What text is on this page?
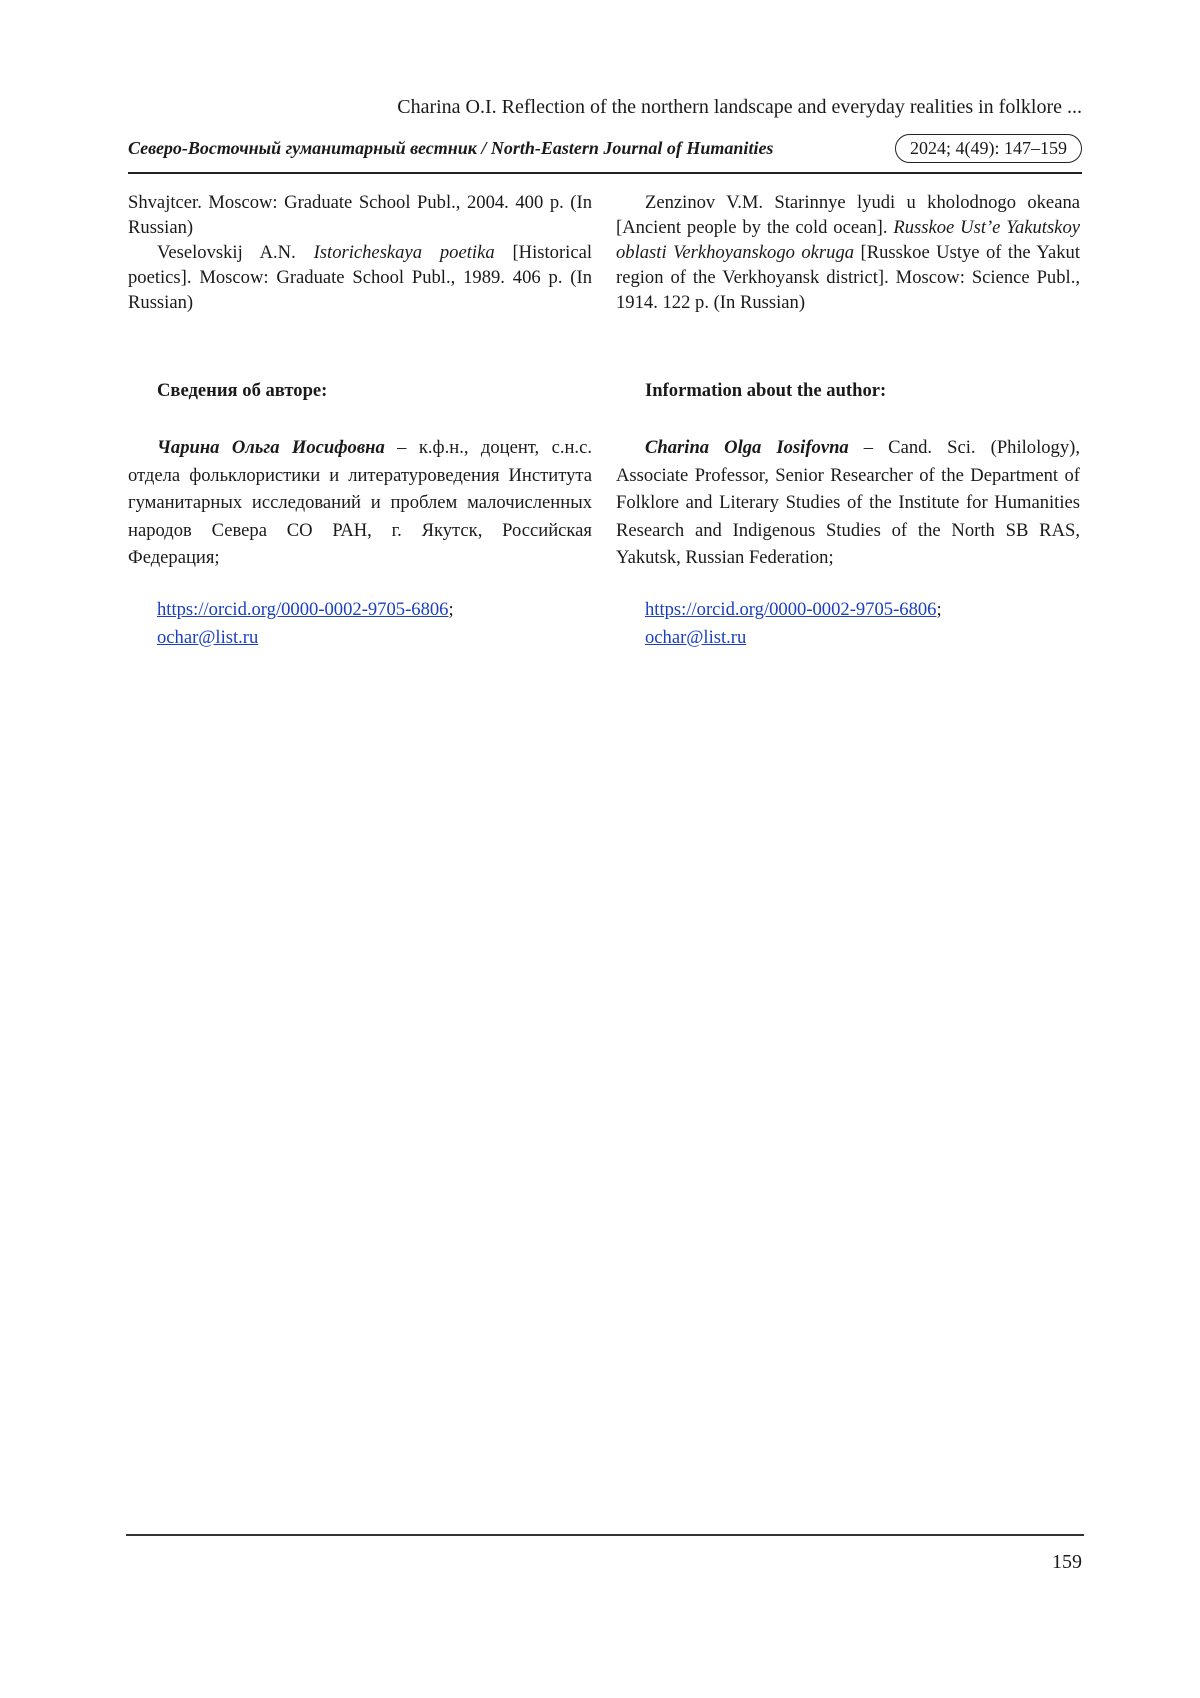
Charina O.I. Reflection of the northern landscape and everyday realities in folklore ...
Северо-Восточный гуманитарный вестник / North-Eastern Journal of Humanities	2024; 4(49): 147–159

Shvajtcer. Moscow: Graduate School Publ., 2004. 400 p. (In Russian)

Veselovskij A.N. Istoricheskaya poetika [Historical poetics]. Moscow: Graduate School Publ., 1989. 406 p. (In Russian)

Zenzinov V.M. Starinnye lyudi u kholodnogo okeana [Ancient people by the cold ocean]. Russkoe Ust’e Yakutskoy oblasti Verkhoyanskogo okruga [Russkoe Ustye of the Yakut region of the Verkhoyansk district]. Moscow: Science Publ., 1914. 122 p. (In Russian)

Сведения об авторе:	Information about the author:

Чарина Ольга Иосифовна – к.ф.н., доцент, с.н.с. отдела фольклористики и литературоведения Института гуманитарных исследований и проблем малочисленных народов Севера СО РАН, г. Якутск, Российская Федерация;

Charina Olga Iosifovna – Cand. Sci. (Philology), Associate Professor, Senior Researcher of the Department of Folklore and Literary Studies of the Institute for Humanities Research and Indigenous Studies of the North SB RAS, Yakutsk, Russian Federation;

https://orcid.org/0000-0002-9705-6806;
ochar@list.ru
https://orcid.org/0000-0002-9705-6806;
ochar@list.ru
159
